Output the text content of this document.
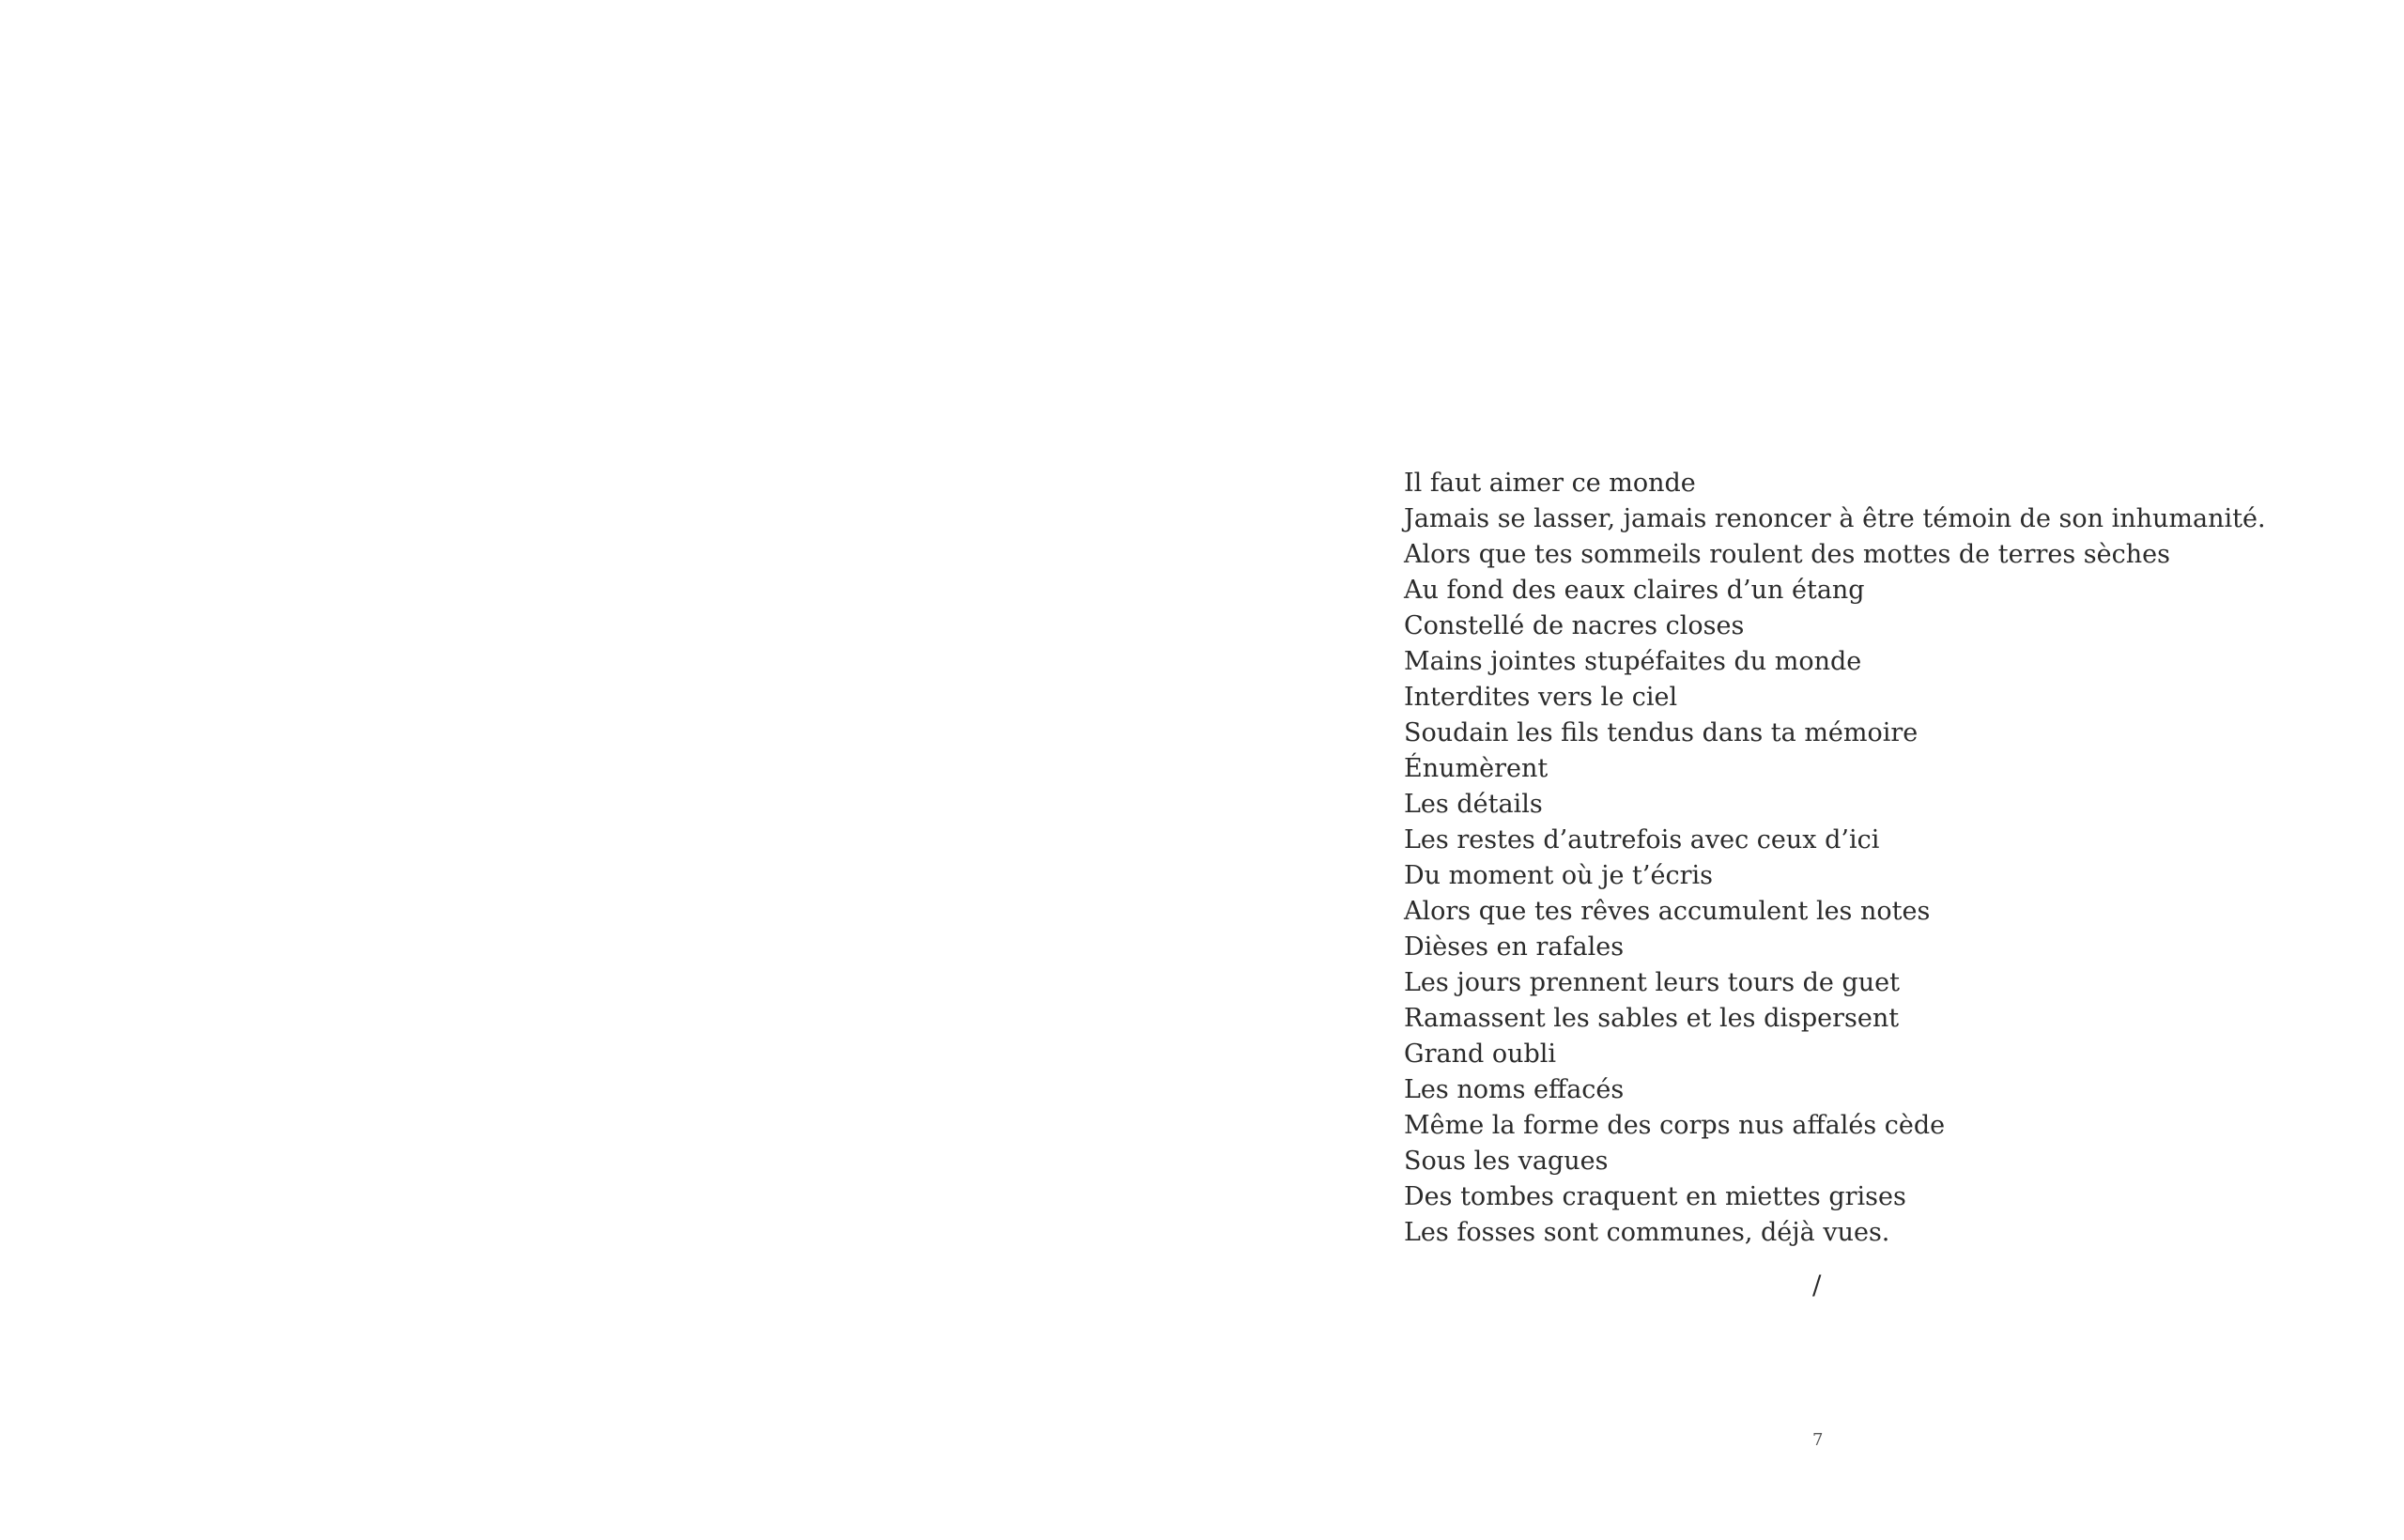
Il faut aimer ce monde
Jamais se lasser, jamais renoncer à être témoin de son inhumanité.
Alors que tes sommeils roulent des mottes de terres sèches
Au fond des eaux claires d’un étang
Constellé de nacres closes
Mains jointes stupéfaites du monde
Interdites vers le ciel
Soudain les fils tendus dans ta mémoire
Énumèrent
Les détails
Les restes d’autrefois avec ceux d’ici
Du moment où je t’écris
Alors que tes rêves accumulent les notes
Dièses en rafales
Les jours prennent leurs tours de guet
Ramassent les sables et les dispersent
Grand oubli
Les noms effacés
Même la forme des corps nus affalés cède
Sous les vagues
Des tombes craquent en miettes grises
Les fosses sont communes, déjà vues.
/
7
